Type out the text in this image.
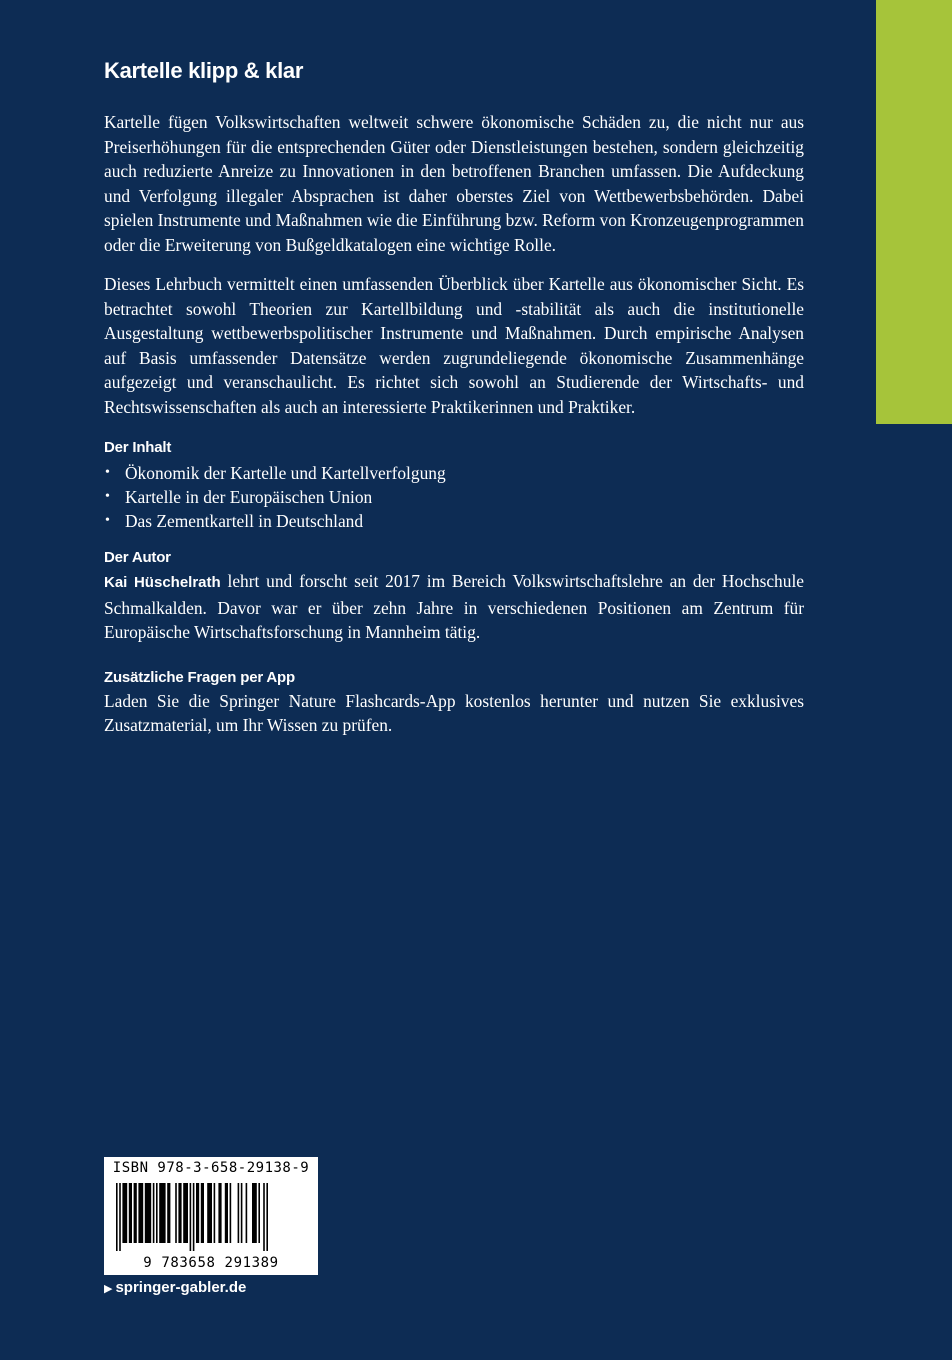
Kartelle klipp & klar

Kartelle fügen Volkswirtschaften weltweit schwere ökonomische Schäden zu, die nicht nur aus Preiserhöhungen für die entsprechenden Güter oder Dienstleistungen bestehen, sondern gleichzeitig auch reduzierte Anreize zu Innovationen in den betroffenen Branchen umfassen. Die Aufdeckung und Verfolgung illegaler Absprachen ist daher oberstes Ziel von Wettbewerbsbehörden. Dabei spielen Instrumente und Maßnahmen wie die Einführung bzw. Reform von Kronzeugenprogrammen oder die Erweiterung von Bußgeldkatalogen eine wichtige Rolle.

Dieses Lehrbuch vermittelt einen umfassenden Überblick über Kartelle aus ökonomischer Sicht. Es betrachtet sowohl Theorien zur Kartellbildung und -stabilität als auch die institutionelle Ausgestaltung wettbewerbspolitischer Instrumente und Maßnahmen. Durch empirische Analysen auf Basis umfassender Datensätze werden zugrundeliegende ökonomische Zusammenhänge aufgezeigt und veranschaulicht. Es richtet sich sowohl an Studierende der Wirtschafts- und Rechtswissenschaften als auch an interessierte Praktikerinnen und Praktiker.

Der Inhalt
• Ökonomik der Kartelle und Kartellverfolgung
• Kartelle in der Europäischen Union
• Das Zementkartell in Deutschland
Der Autor

Kai Hüschelrath lehrt und forscht seit 2017 im Bereich Volkswirtschaftslehre an der Hochschule Schmalkalden. Davor war er über zehn Jahre in verschiedenen Positionen am Zentrum für Europäische Wirtschaftsforschung in Mannheim tätig.

Zusätzliche Fragen per App

Laden Sie die Springer Nature Flashcards-App kostenlos herunter und nutzen Sie exklusives Zusatzmaterial, um Ihr Wissen zu prüfen.

ISBN 978-3-658-29138-9
9 783658 291389
▶ springer-gabler.de
